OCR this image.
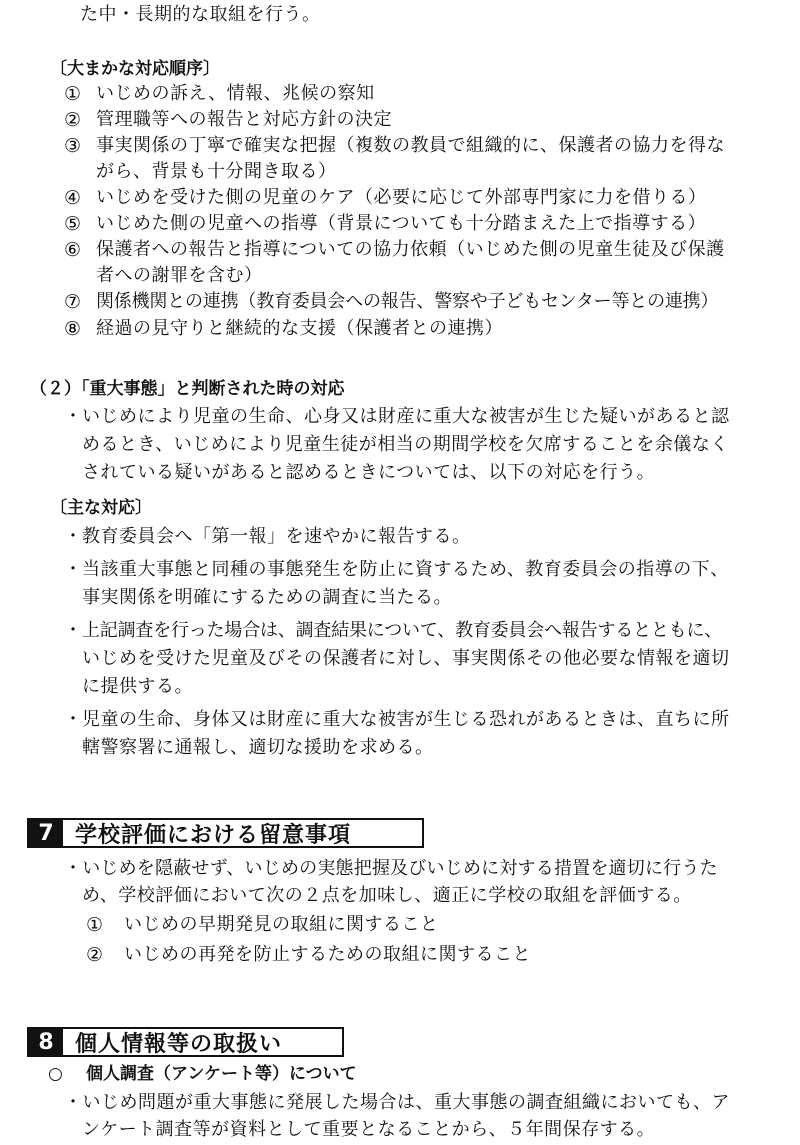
た中・長期的な取組を行う。
〔大まかな対応順序〕
① いじめの訴え、情報、兆候の察知
② 管理職等への報告と対応方針の決定
③ 事実関係の丁寧で確実な把握（複数の教員で組織的に、保護者の協力を得な
がら、背景も十分聞き取る）
④ いじめを受けた側の児童のケア（必要に応じて外部専門家に力を借りる）
⑤ いじめた側の児童への指導（背景についても十分踏まえた上で指導する）
⑥ 保護者への報告と指導についての協力依頼（いじめた側の児童生徒及び保護
者への謝罪を含む）
⑦ 関係機関との連携（教育委員会への報告、警察や子どもセンター等との連携）
⑧ 経過の見守りと継続的な支援（保護者との連携）
（２）「重大事態」と判断された時の対応
・ いじめにより児童の生命、心身又は財産に重大な被害が生じた疑いがあると認
めるとき、いじめにより児童生徒が相当の期間学校を欠席することを余儀なく
されている疑いがあると認めるときについては、以下の対応を行う。
〔主な対応〕
・ 教育委員会へ「第一報」を速やかに報告する。
・ 当該重大事態と同種の事態発生を防止に資するため、教育委員会の指導の下、
事実関係を明確にするための調査に当たる。
・ 上記調査を行った場合は、調査結果について、教育委員会へ報告するとともに、
いじめを受けた児童及びその保護者に対し、事実関係その他必要な情報を適切
に提供する。
・ 児童の生命、身体又は財産に重大な被害が生じる恐れがあるときは、直ちに所
轄警察署に通報し、適切な援助を求める。
7 学校評価における留意事項
・いじめを隠蔽せず、いじめの実態把握及びいじめに対する措置を適切に行うた
め、学校評価において次の２点を加味し、適正に学校の取組を評価する。
① いじめの早期発見の取組に関すること
② いじめの再発を防止するための取組に関すること
8 個人情報等の取扱い
○ 個人調査（アンケート等）について
・いじめ問題が重大事態に発展した場合は、重大事態の調査組織においても、ア
ンケート調査等が資料として重要となることから、５年間保存する。
